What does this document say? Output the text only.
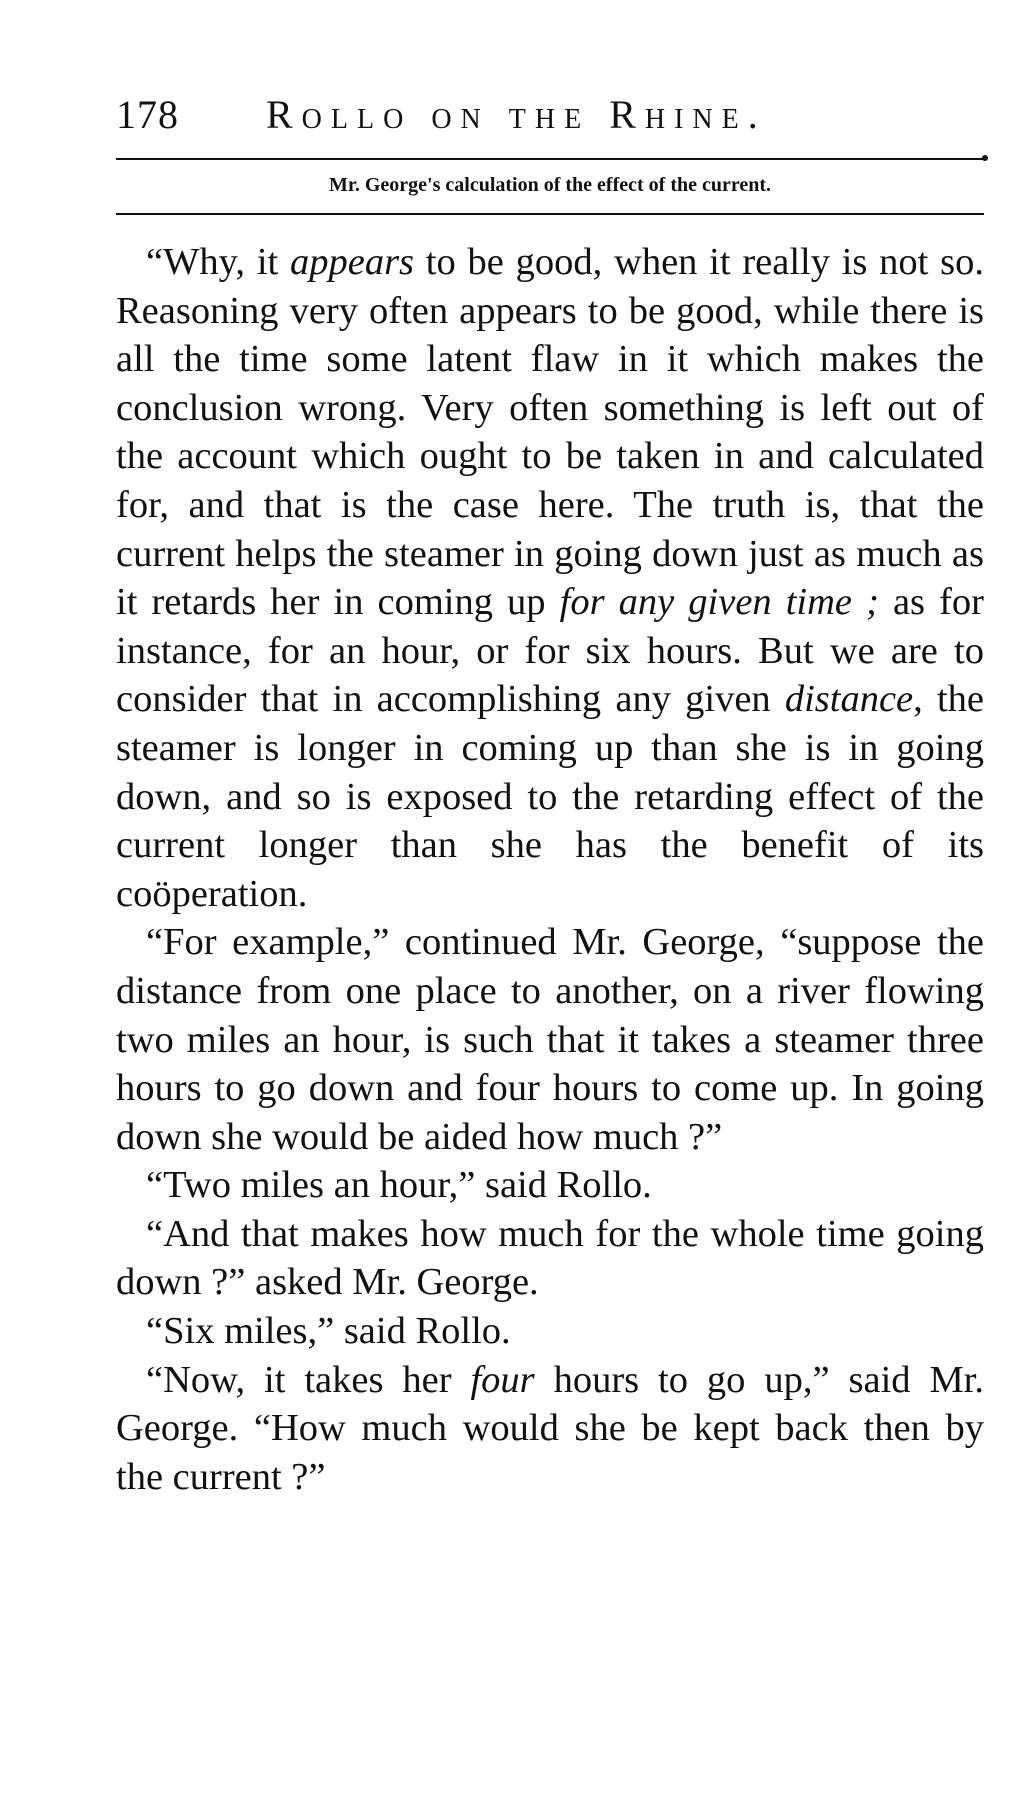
178 Rollo on the Rhine.
Mr. George's calculation of the effect of the current.

“Why, it appears to be good, when it really is not so. Reasoning very often appears to be good, while there is all the time some latent flaw in it which makes the conclusion wrong. Very often something is left out of the account which ought to be taken in and calculated for, and that is the case here. The truth is, that the current helps the steamer in going down just as much as it retards her in coming up for any given time ; as for instance, for an hour, or for six hours. But we are to consider that in accomplishing any given distance, the steamer is longer in coming up than she is in going down, and so is exposed to the retarding effect of the current longer than she has the benefit of its coöperation.

“For example,” continued Mr. George, “suppose the distance from one place to another, on a river flowing two miles an hour, is such that it takes a steamer three hours to go down and four hours to come up. In going down she would be aided how much ?”

“Two miles an hour,” said Rollo.

“And that makes how much for the whole time going down ?” asked Mr. George.

“Six miles,” said Rollo.

“Now, it takes her four hours to go up,” said Mr. George. “How much would she be kept back then by the current ?”
